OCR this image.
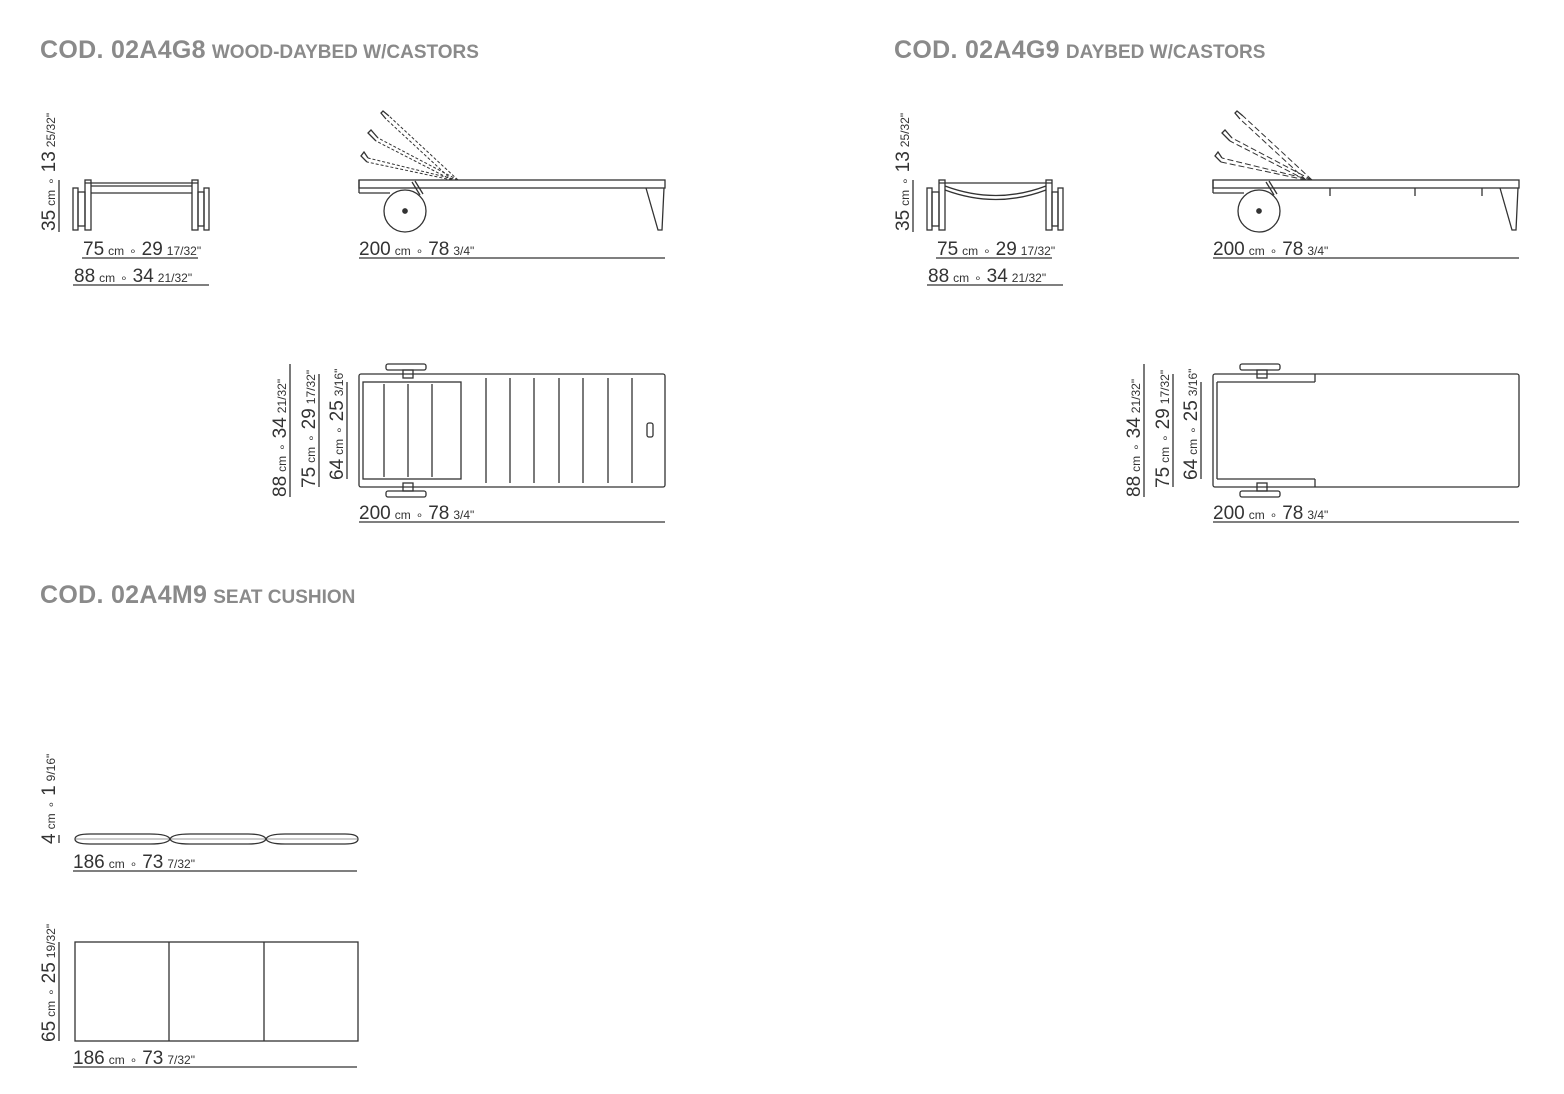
COD. 02A4G8 WOOD-DAYBED W/CASTORS	COD. 02A4G9 DAYBED W/CASTORS
COD. 02A4M9 SEAT CUSHION
35cm∘1325/32"
75 cm ∘ 29 17/32"
88 cm ∘ 34 21/32"
200 cm ∘ 78 3/4"
88cm∘3421/32"
75cm∘2917/32"
64cm∘253/16"
200 cm ∘ 78 3/4"
35cm∘1325/32"
75 cm ∘ 29 17/32"
88 cm ∘ 34 21/32"
200 cm ∘ 78 3/4"
88cm∘3421/32"
75cm∘2917/32"
64cm∘253/16"
200 cm ∘ 78 3/4"
4cm∘19/16"
186 cm ∘ 73 7/32"
65cm∘2519/32"
186 cm ∘ 73 7/32"
